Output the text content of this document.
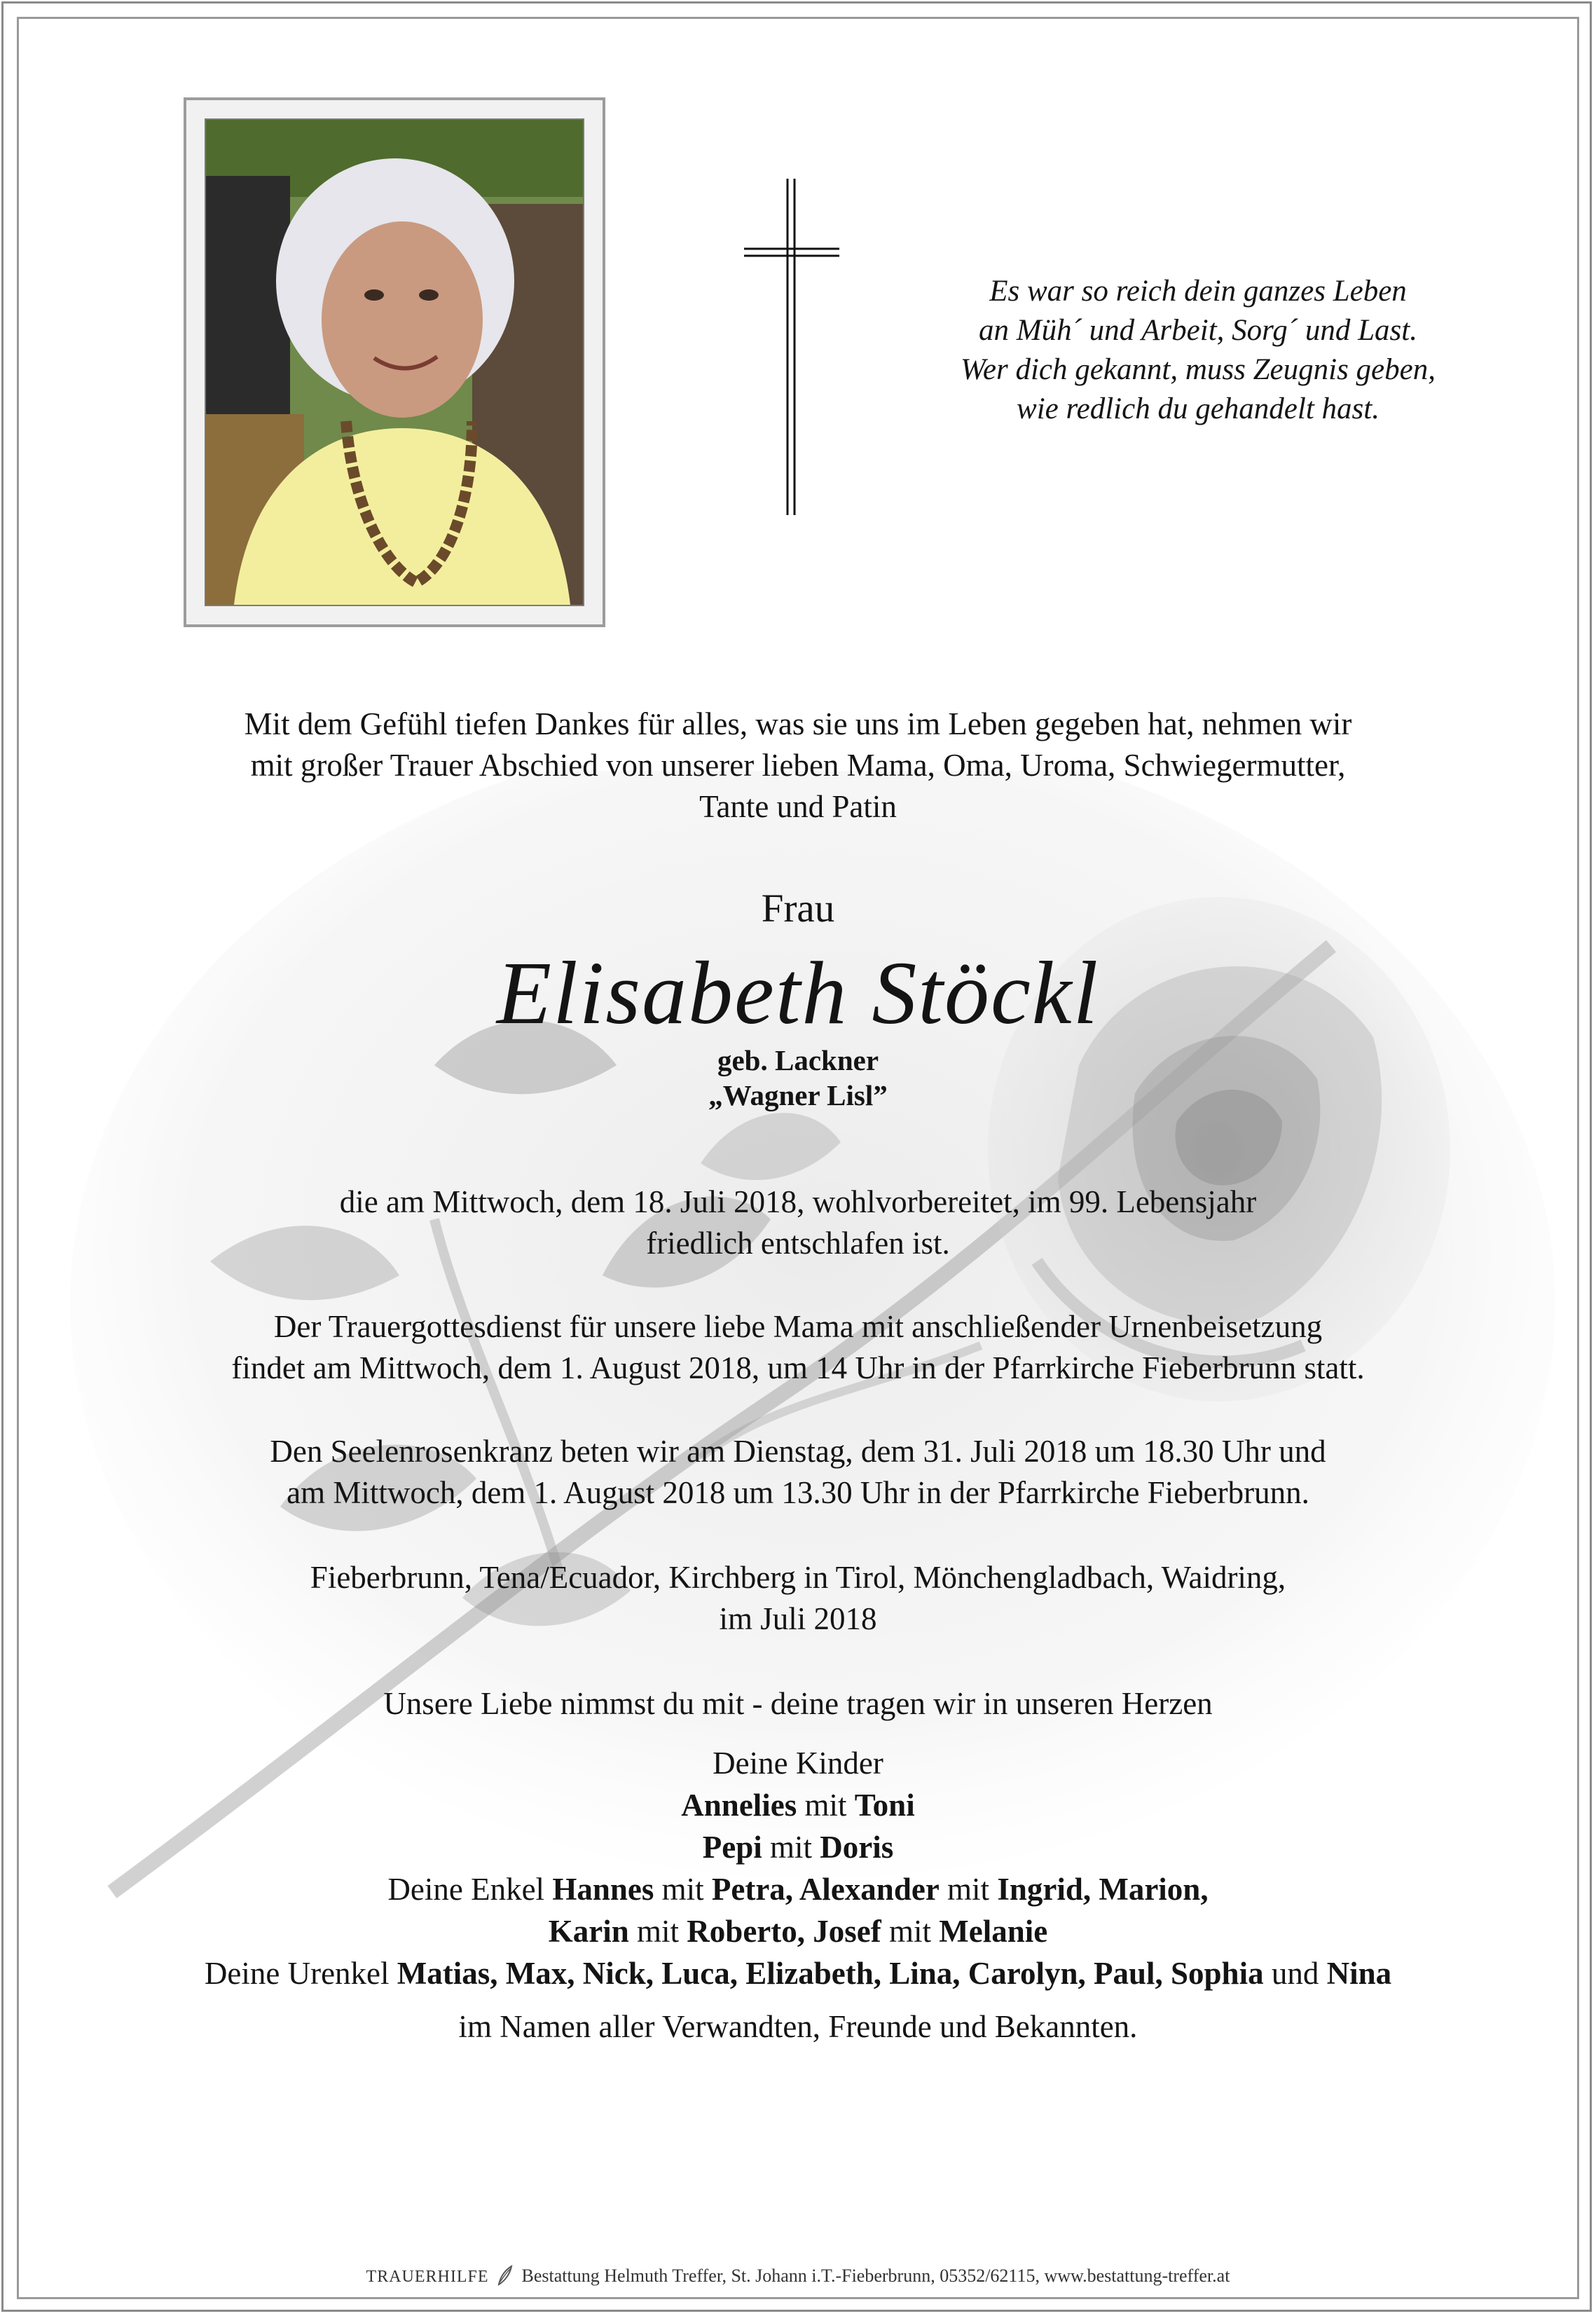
Es war so reich dein ganzes Leben
an Müh´ und Arbeit, Sorg´ und Last.
Wer dich gekannt, muss Zeugnis geben,
wie redlich du gehandelt hast.
Mit dem Gefühl tiefen Dankes für alles, was sie uns im Leben gegeben hat, nehmen wir
mit großer Trauer Abschied von unserer lieben Mama, Oma, Uroma, Schwiegermutter,
Tante und Patin
Frau
Elisabeth Stöckl
geb. Lackner
„Wagner Lisl”
die am Mittwoch, dem 18. Juli 2018, wohlvorbereitet, im 99. Lebensjahr
friedlich entschlafen ist.
Der Trauergottesdienst für unsere liebe Mama mit anschließender Urnenbeisetzung
findet am Mittwoch, dem 1. August 2018, um 14 Uhr in der Pfarrkirche Fieberbrunn statt.
Den Seelenrosenkranz beten wir am Dienstag, dem 31. Juli 2018 um 18.30 Uhr und
am Mittwoch, dem 1. August 2018 um 13.30 Uhr in der Pfarrkirche Fieberbrunn.
Fieberbrunn, Tena/Ecuador, Kirchberg in Tirol, Mönchengladbach, Waidring,
im Juli 2018
Unsere Liebe nimmst du mit - deine tragen wir in unseren Herzen
Deine Kinder
Annelies mit Toni
Pepi mit Doris
Deine Enkel Hannes mit Petra, Alexander mit Ingrid, Marion,
Karin mit Roberto, Josef mit Melanie
Deine Urenkel Matias, Max, Nick, Luca, Elizabeth, Lina, Carolyn, Paul, Sophia und Nina
im Namen aller Verwandten, Freunde und Bekannten.
TRAUERHILFE Bestattung Helmuth Treffer, St. Johann i.T.-Fieberbrunn, 05352/62115, www.bestattung-treffer.at
